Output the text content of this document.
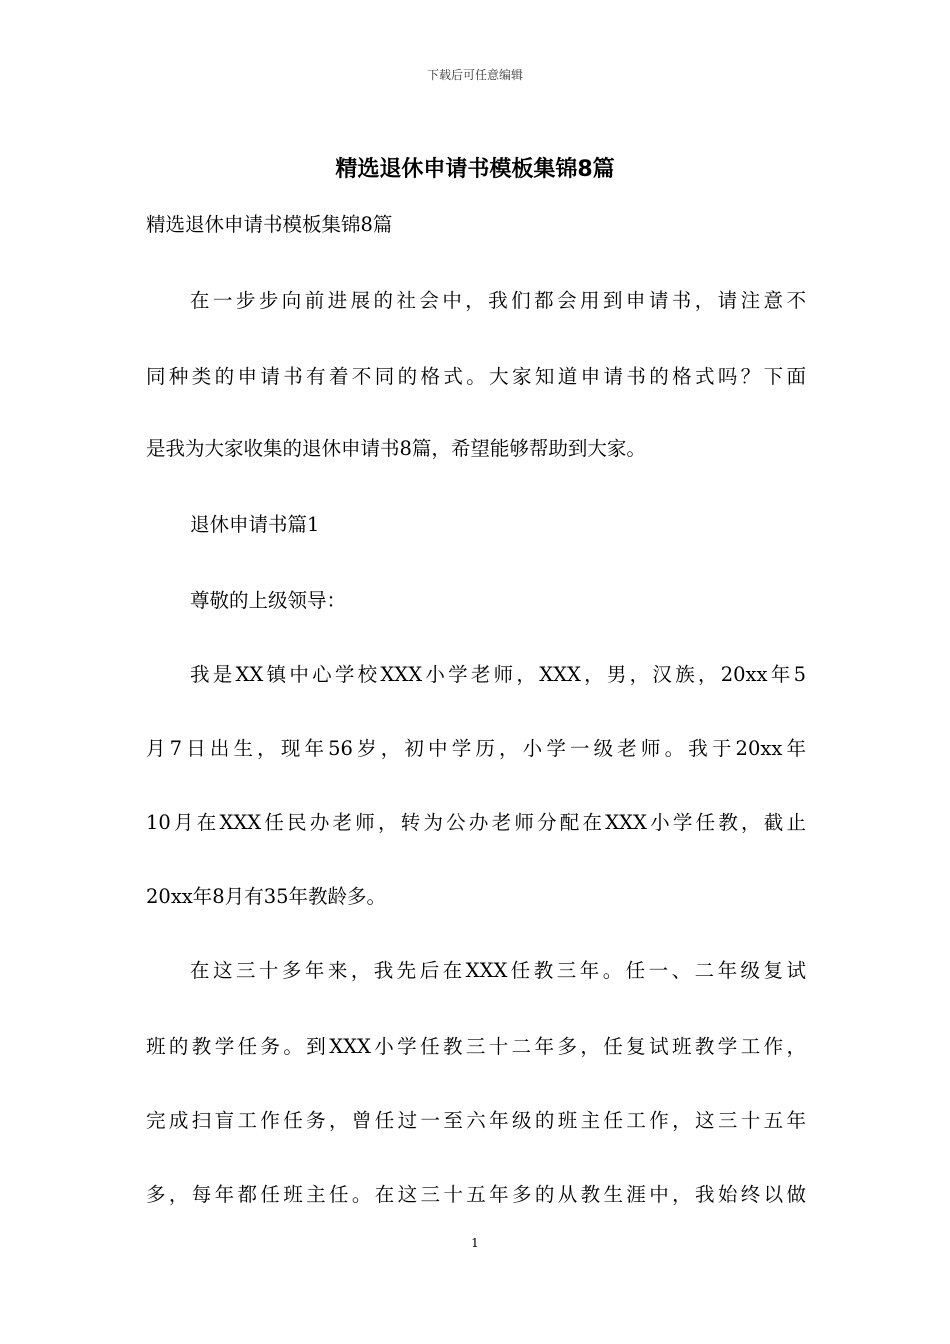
下载后可任意编辑
精选退休申请书模板集锦8篇
精选退休申请书模板集锦8篇
在一步步向前进展的社会中，我们都会用到申请书，请注意不
同种类的申请书有着不同的格式。大家知道申请书的格式吗？下面
是我为大家收集的退休申请书8篇，希望能够帮助到大家。
退休申请书篇1
尊敬的上级领导：
我是XX镇中心学校XXX小学老师，XXX，男，汉族，20xx年5
月7日出生，现年56岁，初中学历，小学一级老师。我于20xx年
10月在XXX任民办老师，转为公办老师分配在XXX小学任教，截止
20xx年8月有35年教龄多。
在这三十多年来，我先后在XXX任教三年。任一、二年级复试
班的教学任务。到XXX小学任教三十二年多，任复试班教学工作，
完成扫盲工作任务，曾任过一至六年级的班主任工作，这三十五年
多，每年都任班主任。在这三十五年多的从教生涯中，我始终以做
1
